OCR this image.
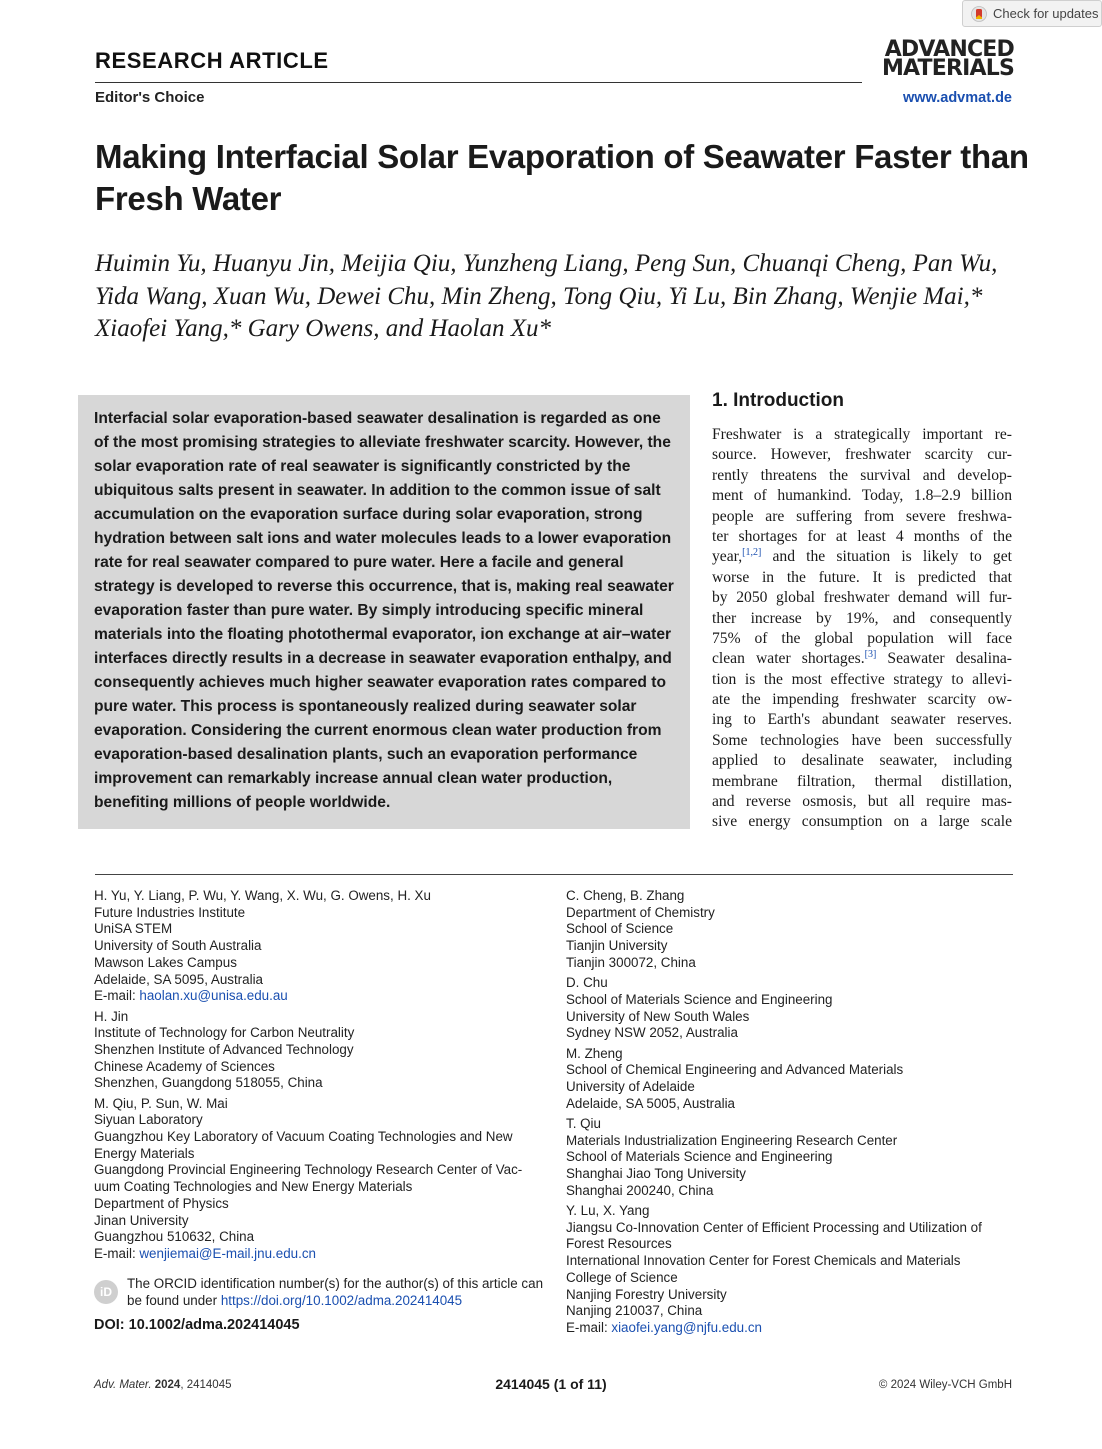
Check for updates
RESEARCH ARTICLE
Editor's Choice
ADVANCED
MATERIALS
www.advmat.de
Making Interfacial Solar Evaporation of Seawater Faster than Fresh Water
Huimin Yu, Huanyu Jin, Meijia Qiu, Yunzheng Liang, Peng Sun, Chuanqi Cheng, Pan Wu,
Yida Wang, Xuan Wu, Dewei Chu, Min Zheng, Tong Qiu, Yi Lu, Bin Zhang, Wenjie Mai,*
Xiaofei Yang,* Gary Owens, and Haolan Xu*
Interfacial solar evaporation-based seawater desalination is regarded as one of the most promising strategies to alleviate freshwater scarcity. However, the solar evaporation rate of real seawater is significantly constricted by the ubiquitous salts present in seawater. In addition to the common issue of salt accumulation on the evaporation surface during solar evaporation, strong hydration between salt ions and water molecules leads to a lower evaporation rate for real seawater compared to pure water. Here a facile and general strategy is developed to reverse this occurrence, that is, making real seawater evaporation faster than pure water. By simply introducing specific mineral materials into the floating photothermal evaporator, ion exchange at air–water interfaces directly results in a decrease in seawater evaporation enthalpy, and consequently achieves much higher seawater evaporation rates compared to pure water. This process is spontaneously realized during seawater solar evaporation. Considering the current enormous clean water production from evaporation-based desalination plants, such an evaporation performance improvement can remarkably increase annual clean water production, benefiting millions of people worldwide.
1. Introduction
Freshwater is a strategically important re-
source. However, freshwater scarcity cur-
rently threatens the survival and develop-
ment of humankind. Today, 1.8–2.9 billion
people are suffering from severe freshwa-
ter shortages for at least 4 months of the
year,[1,2] and the situation is likely to get
worse in the future. It is predicted that
by 2050 global freshwater demand will fur-
ther increase by 19%, and consequently
75% of the global population will face
clean water shortages.[3] Seawater desalina-
tion is the most effective strategy to allevi-
ate the impending freshwater scarcity ow-
ing to Earth's abundant seawater reserves.
Some technologies have been successfully
applied to desalinate seawater, including
membrane filtration, thermal distillation,
and reverse osmosis, but all require mas-
sive energy consumption on a large scale
H. Yu, Y. Liang, P. Wu, Y. Wang, X. Wu, G. Owens, H. Xu
Future Industries Institute
UniSA STEM
University of South Australia
Mawson Lakes Campus
Adelaide, SA 5095, Australia
E-mail: haolan.xu@unisa.edu.au
H. Jin
Institute of Technology for Carbon Neutrality
Shenzhen Institute of Advanced Technology
Chinese Academy of Sciences
Shenzhen, Guangdong 518055, China
M. Qiu, P. Sun, W. Mai
Siyuan Laboratory
Guangzhou Key Laboratory of Vacuum Coating Technologies and New
Energy Materials
Guangdong Provincial Engineering Technology Research Center of Vac-
uum Coating Technologies and New Energy Materials
Department of Physics
Jinan University
Guangzhou 510632, China
E-mail: wenjiemai@E-mail.jnu.edu.cn
C. Cheng, B. Zhang
Department of Chemistry
School of Science
Tianjin University
Tianjin 300072, China
D. Chu
School of Materials Science and Engineering
University of New South Wales
Sydney NSW 2052, Australia
M. Zheng
School of Chemical Engineering and Advanced Materials
University of Adelaide
Adelaide, SA 5005, Australia
T. Qiu
Materials Industrialization Engineering Research Center
School of Materials Science and Engineering
Shanghai Jiao Tong University
Shanghai 200240, China
Y. Lu, X. Yang
Jiangsu Co-Innovation Center of Efficient Processing and Utilization of
Forest Resources
International Innovation Center for Forest Chemicals and Materials
College of Science
Nanjing Forestry University
Nanjing 210037, China
E-mail: xiaofei.yang@njfu.edu.cn
iD
The ORCID identification number(s) for the author(s) of this article can be found under https://doi.org/10.1002/adma.202414045
DOI: 10.1002/adma.202414045
Adv. Mater. 2024, 2414045	2414045 (1 of 11)	© 2024 Wiley-VCH GmbH
